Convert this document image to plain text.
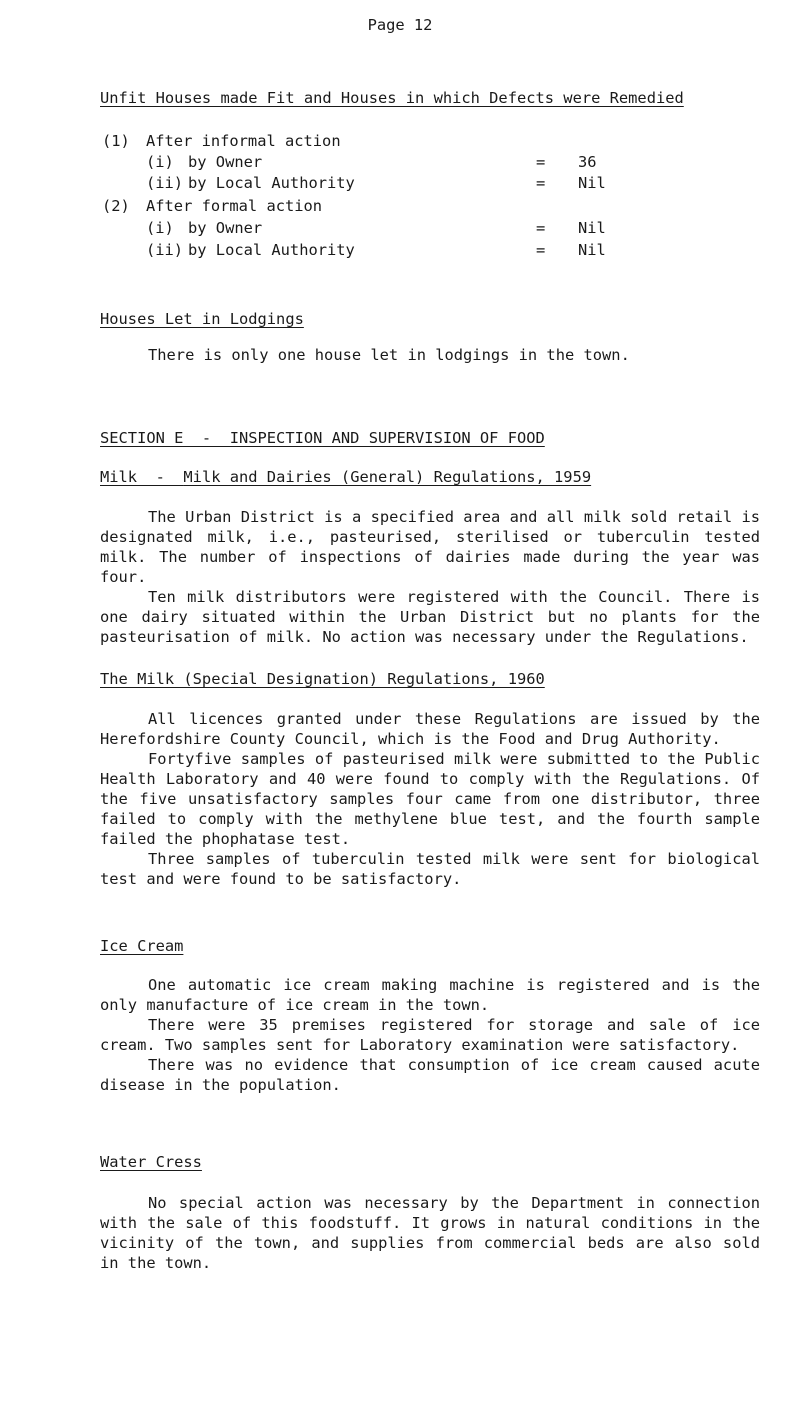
Page 12
Unfit Houses made Fit and Houses in which Defects were Remedied
(1) After informal action
(i) by Owner	= 36
(ii) by Local Authority	= Nil
(2) After formal action
(i) by Owner	= Nil
(ii) by Local Authority	= Nil
Houses Let in Lodgings

There is only one house let in lodgings in the town.

SECTION E  -  INSPECTION AND SUPERVISION OF FOOD
Milk  -  Milk and Dairies (General) Regulations, 1959

The Urban District is a specified area and all milk sold retail is designated milk, i.e., pasteurised, sterilised or tuberculin tested milk. The number of inspections of dairies made during the year was four.

Ten milk distributors were registered with the Council. There is one dairy situated within the Urban District but no plants for the pasteurisation of milk. No action was necessary under the Regulations.

The Milk (Special Designation) Regulations, 1960

All licences granted under these Regulations are issued by the Herefordshire County Council, which is the Food and Drug Authority.

Fortyfive samples of pasteurised milk were submitted to the Public Health Laboratory and 40 were found to comply with the Regulations. Of the five unsatisfactory samples four came from one distributor, three failed to comply with the methylene blue test, and the fourth sample failed the phophatase test.

Three samples of tuberculin tested milk were sent for biological test and were found to be satisfactory.

Ice Cream

One automatic ice cream making machine is registered and is the only manufacture of ice cream in the town.

There were 35 premises registered for storage and sale of ice cream. Two samples sent for Laboratory examination were satisfactory.

There was no evidence that consumption of ice cream caused acute disease in the population.

Water Cress

No special action was necessary by the Department in connection with the sale of this foodstuff. It grows in natural conditions in the vicinity of the town, and supplies from commercial beds are also sold in the town.
